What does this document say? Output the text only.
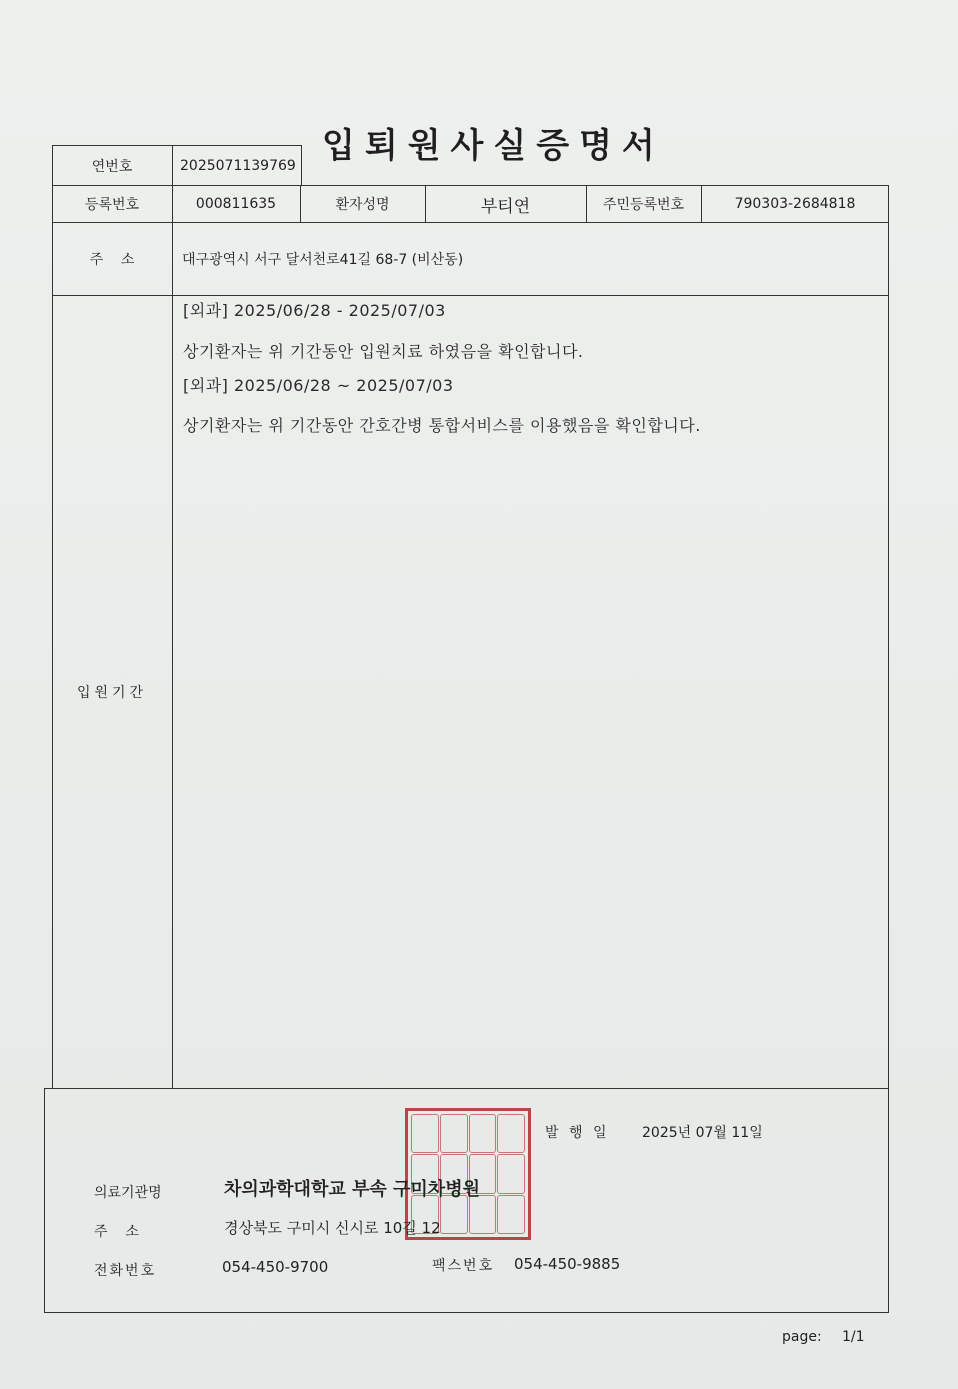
입퇴원사실증명서
연번호	2025071139769
등록번호	000811635	환자성명	부티연	주민등록번호	790303-2684818
주    소	대구광역시 서구 달서천로41길 68-7 (비산동)
입원기간
[외과] 2025/06/28 - 2025/07/03
상기환자는 위 기간동안 입원치료 하였음을 확인합니다.
[외과] 2025/06/28 ~ 2025/07/03
상기환자는 위 기간동안 간호간병 통합서비스를 이용했음을 확인합니다.
발 행 일 2025년 07월 11일
의료기관명	차의과학대학교 부속 구미차병원
주    소	경상북도 구미시 신시로 10길 12
전화번호	054-450-9700	팩스번호 054-450-9885
page: 1/1
